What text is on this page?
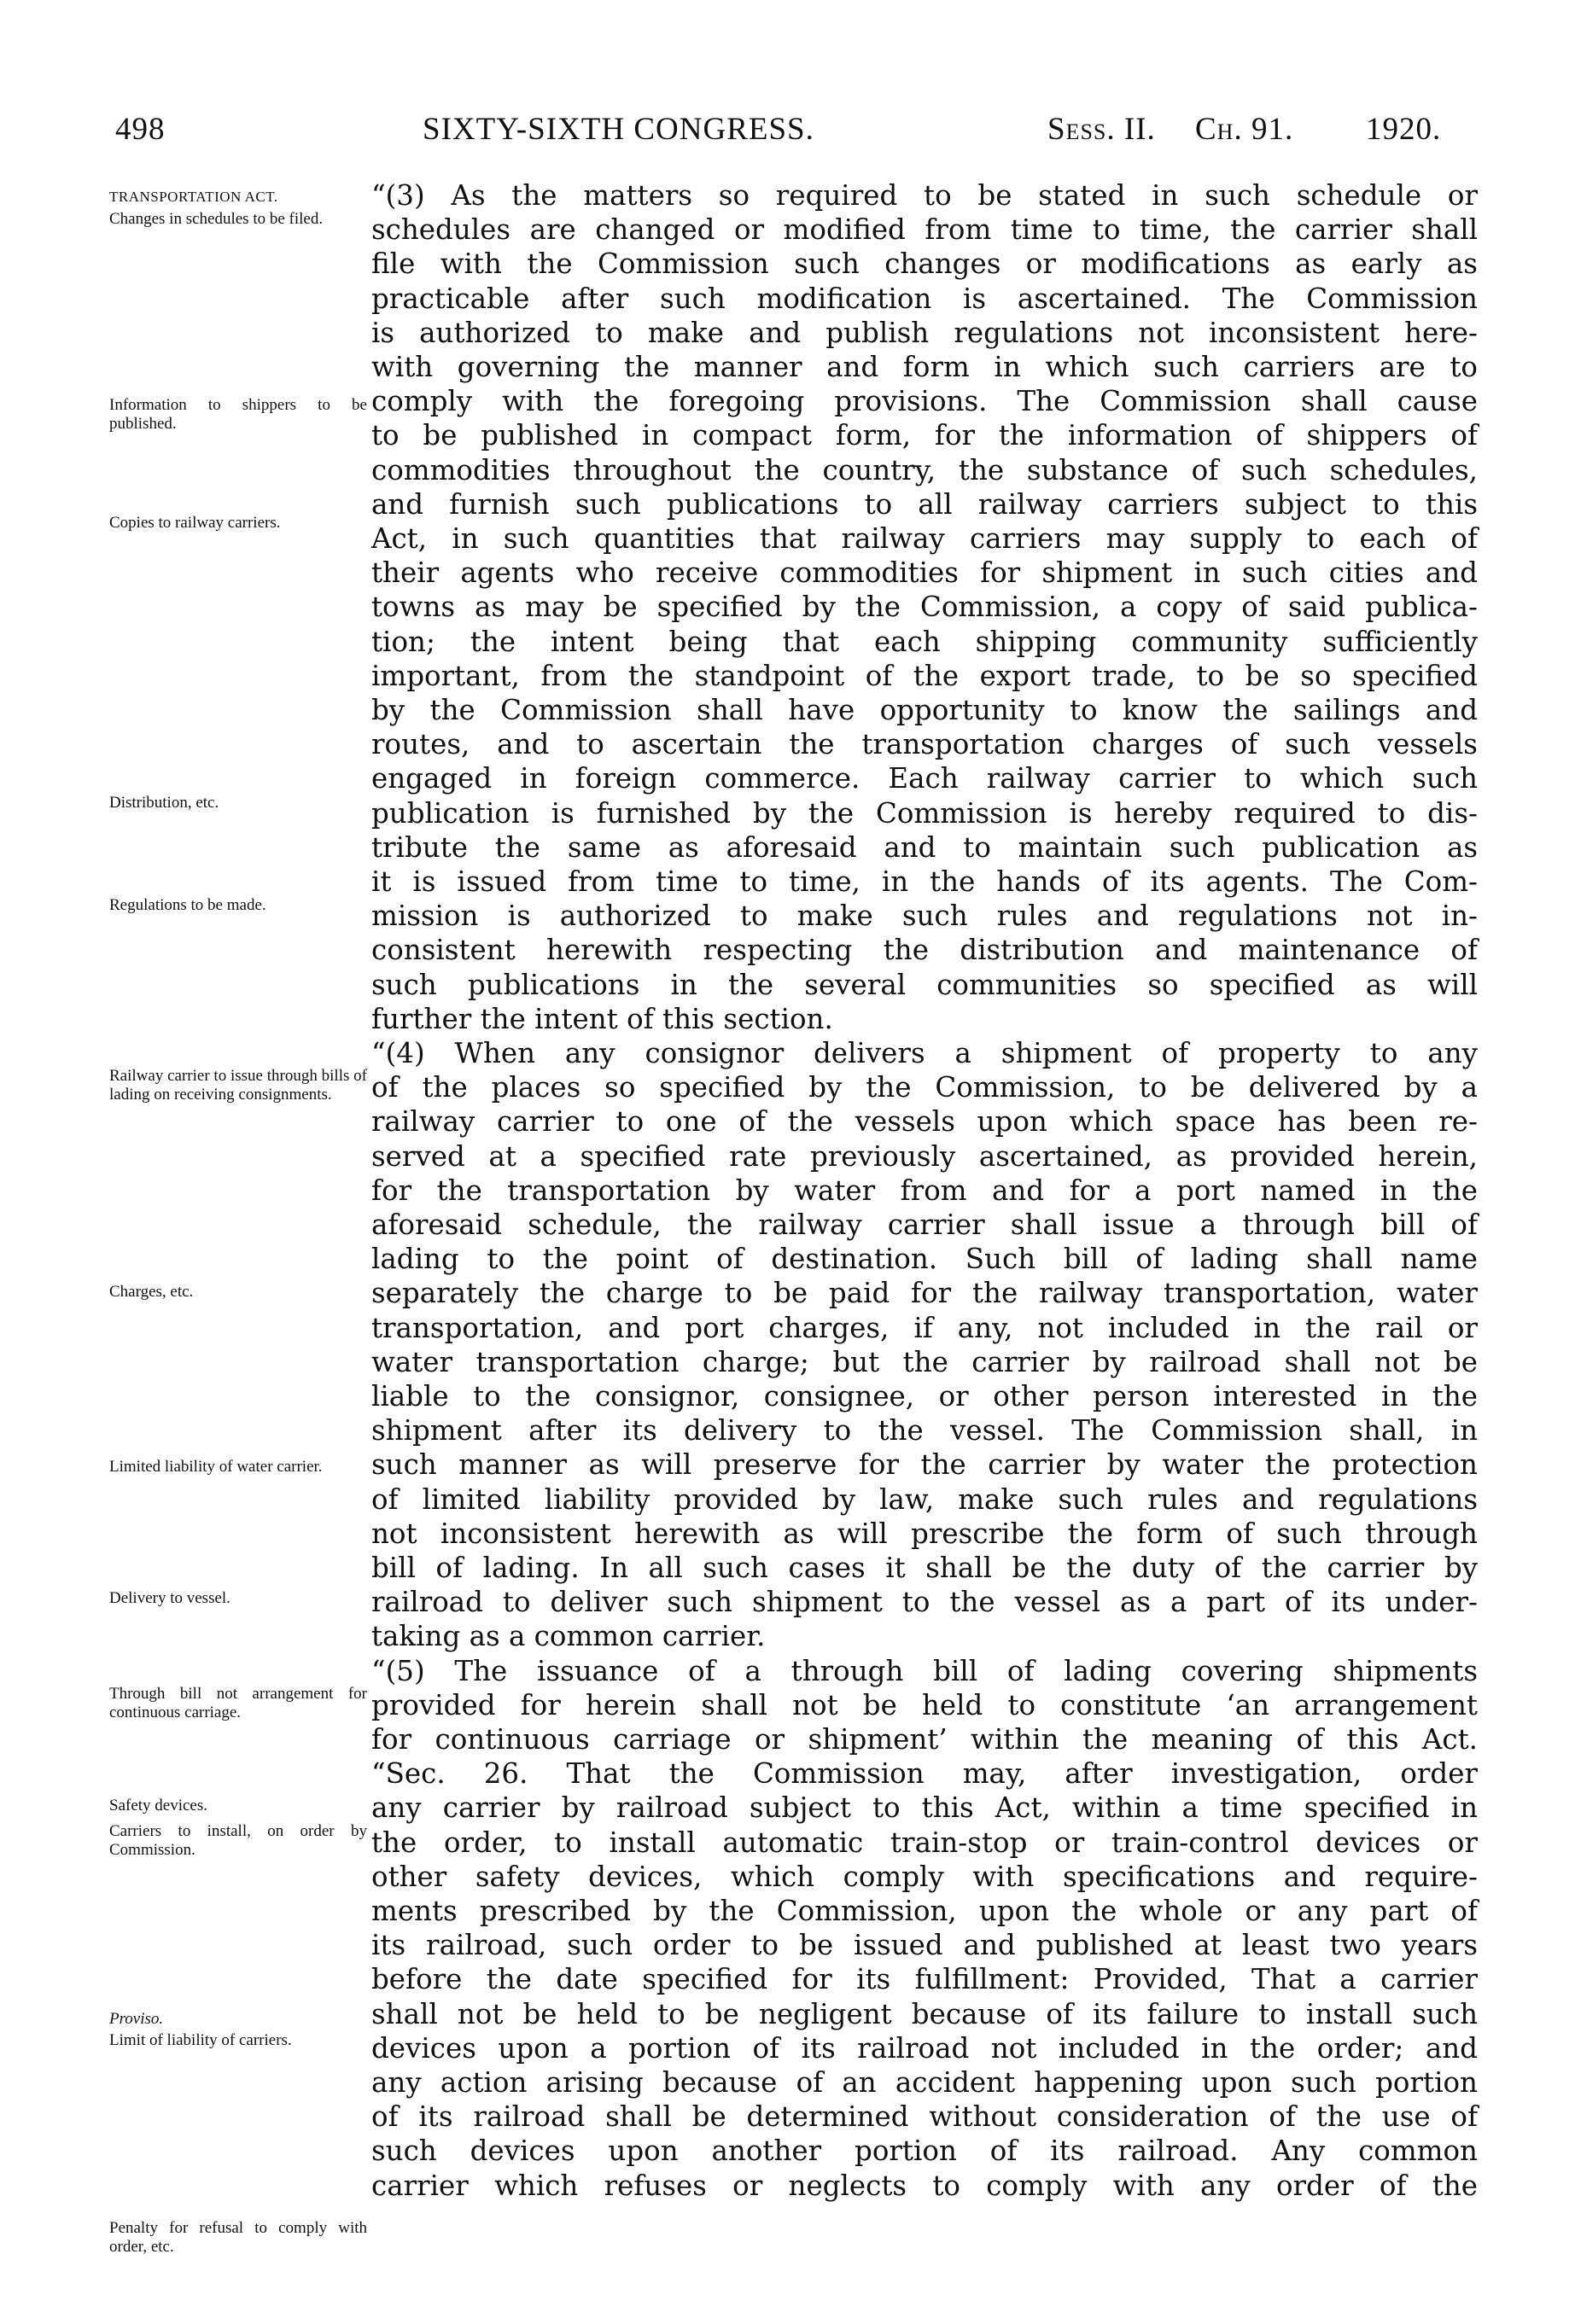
498	SIXTY-SIXTH CONGRESS.	Sess. II. Ch. 91. 1920.
TRANSPORTATION ACT.
Changes in schedules to be filed.
Information to shippers to be published.
Copies to railway carriers.
Distribution, etc.
Regulations to be made.
Railway carrier to issue through bills of lading on receiving consignments.
Charges, etc.
Limited liability of water carrier.
Delivery to vessel.
Through bill not arrangement for continuous carriage.
Safety devices.
Carriers to install, on order by Commission.
Proviso.
Limit of liability of carriers.
Penalty for refusal to comply with order, etc.
“(3) As the matters so required to be stated in such schedule or
schedules are changed or modified from time to time, the carrier shall
file with the Commission such changes or modifications as early as
practicable after such modification is ascertained. The Commission
is authorized to make and publish regulations not inconsistent here-
with governing the manner and form in which such carriers are to
comply with the foregoing provisions. The Commission shall cause
to be published in compact form, for the information of shippers of
commodities throughout the country, the substance of such schedules,
and furnish such publications to all railway carriers subject to this
Act, in such quantities that railway carriers may supply to each of
their agents who receive commodities for shipment in such cities and
towns as may be specified by the Commission, a copy of said publica-
tion; the intent being that each shipping community sufficiently
important, from the standpoint of the export trade, to be so specified
by the Commission shall have opportunity to know the sailings and
routes, and to ascertain the transportation charges of such vessels
engaged in foreign commerce. Each railway carrier to which such
publication is furnished by the Commission is hereby required to dis-
tribute the same as aforesaid and to maintain such publication as
it is issued from time to time, in the hands of its agents. The Com-
mission is authorized to make such rules and regulations not in-
consistent herewith respecting the distribution and maintenance of
such publications in the several communities so specified as will
further the intent of this section.
“(4) When any consignor delivers a shipment of property to any
of the places so specified by the Commission, to be delivered by a
railway carrier to one of the vessels upon which space has been re-
served at a specified rate previously ascertained, as provided herein,
for the transportation by water from and for a port named in the
aforesaid schedule, the railway carrier shall issue a through bill of
lading to the point of destination. Such bill of lading shall name
separately the charge to be paid for the railway transportation, water
transportation, and port charges, if any, not included in the rail or
water transportation charge; but the carrier by railroad shall not be
liable to the consignor, consignee, or other person interested in the
shipment after its delivery to the vessel. The Commission shall, in
such manner as will preserve for the carrier by water the protection
of limited liability provided by law, make such rules and regulations
not inconsistent herewith as will prescribe the form of such through
bill of lading. In all such cases it shall be the duty of the carrier by
railroad to deliver such shipment to the vessel as a part of its under-
taking as a common carrier.
“(5) The issuance of a through bill of lading covering shipments
provided for herein shall not be held to constitute ‘an arrangement
for continuous carriage or shipment’ within the meaning of this Act.
“Sec. 26. That the Commission may, after investigation, order
any carrier by railroad subject to this Act, within a time specified in
the order, to install automatic train-stop or train-control devices or
other safety devices, which comply with specifications and require-
ments prescribed by the Commission, upon the whole or any part of
its railroad, such order to be issued and published at least two years
before the date specified for its fulfillment: Provided, That a carrier
shall not be held to be negligent because of its failure to install such
devices upon a portion of its railroad not included in the order; and
any action arising because of an accident happening upon such portion
of its railroad shall be determined without consideration of the use of
such devices upon another portion of its railroad. Any common
carrier which refuses or neglects to comply with any order of the
